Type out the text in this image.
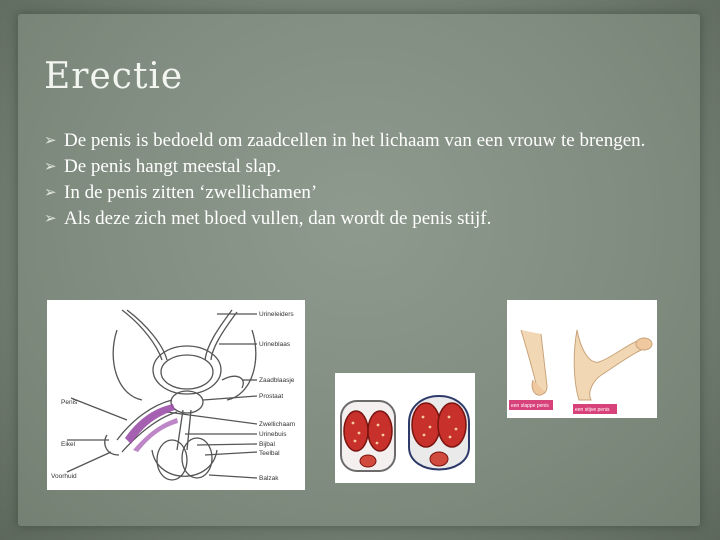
Erectie
➢ De penis is bedoeld om zaadcellen in het lichaam van een vrouw te brengen.
➢ De penis hangt meestal slap.
➢ In de penis zitten ‘zwellichamen’
➢ Als deze zich met bloed vullen, dan wordt de penis stijf.
Urineleiders
Urineblaas
Zaadblaasje
Prostaat
Zwellichaam
Urinebuis
Bijbal
Teelbal
Balzak
Penis
Eikel
Voorhuid
een slappe penis
een stijve penis
